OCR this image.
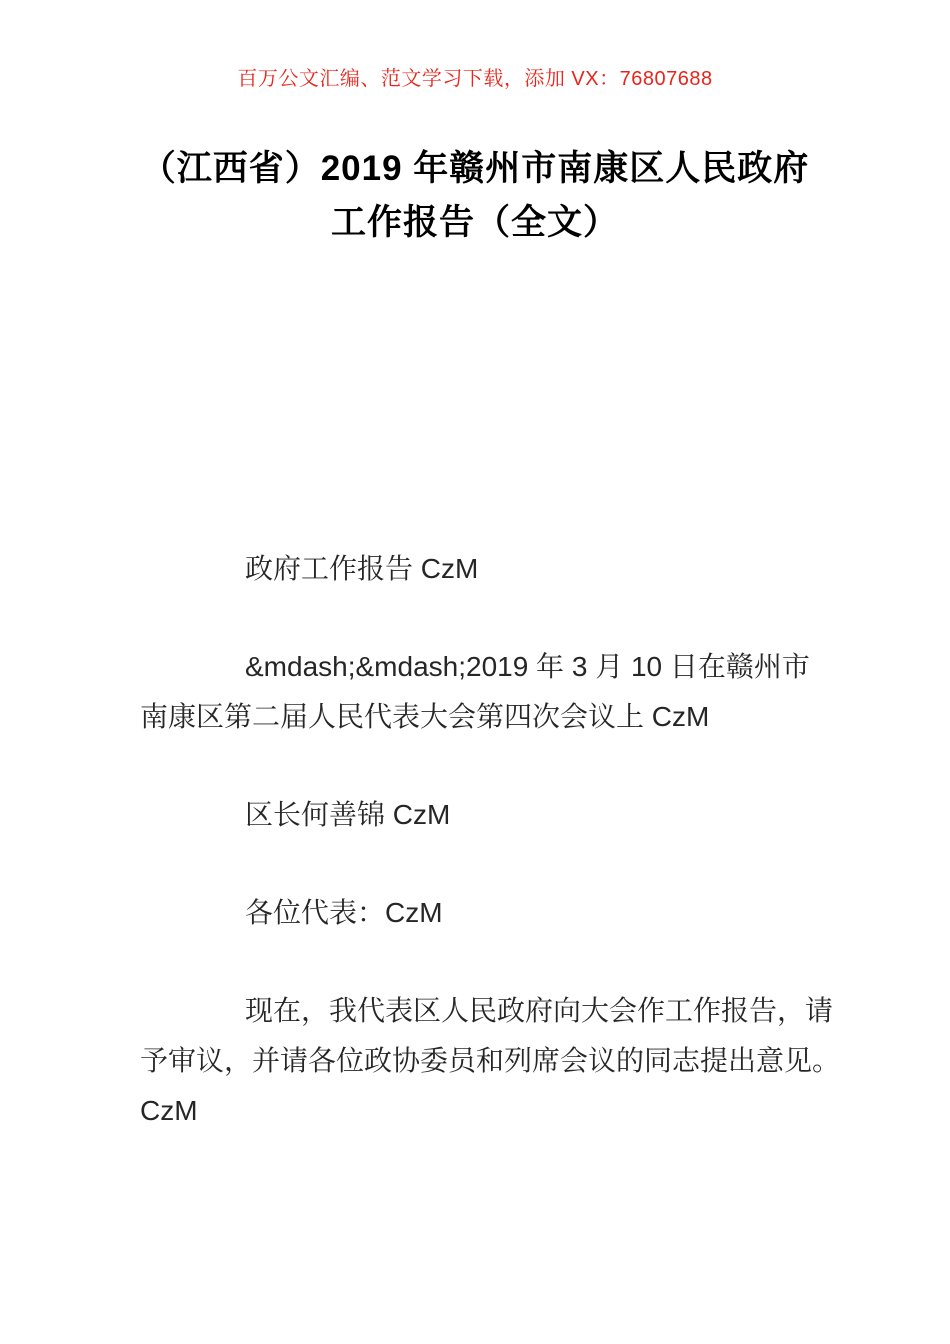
百万公文汇编、范文学习下载，添加 VX：76807688
（江西省）2019 年赣州市南康区人民政府
工作报告（全文）
政府工作报告 CzM
&mdash;&mdash;2019 年 3 月 10 日在赣州市
南康区第二届人民代表大会第四次会议上 CzM
区长何善锦 CzM
各位代表：CzM
现在，我代表区人民政府向大会作工作报告，请
予审议，并请各位政协委员和列席会议的同志提出意见。
CzM
